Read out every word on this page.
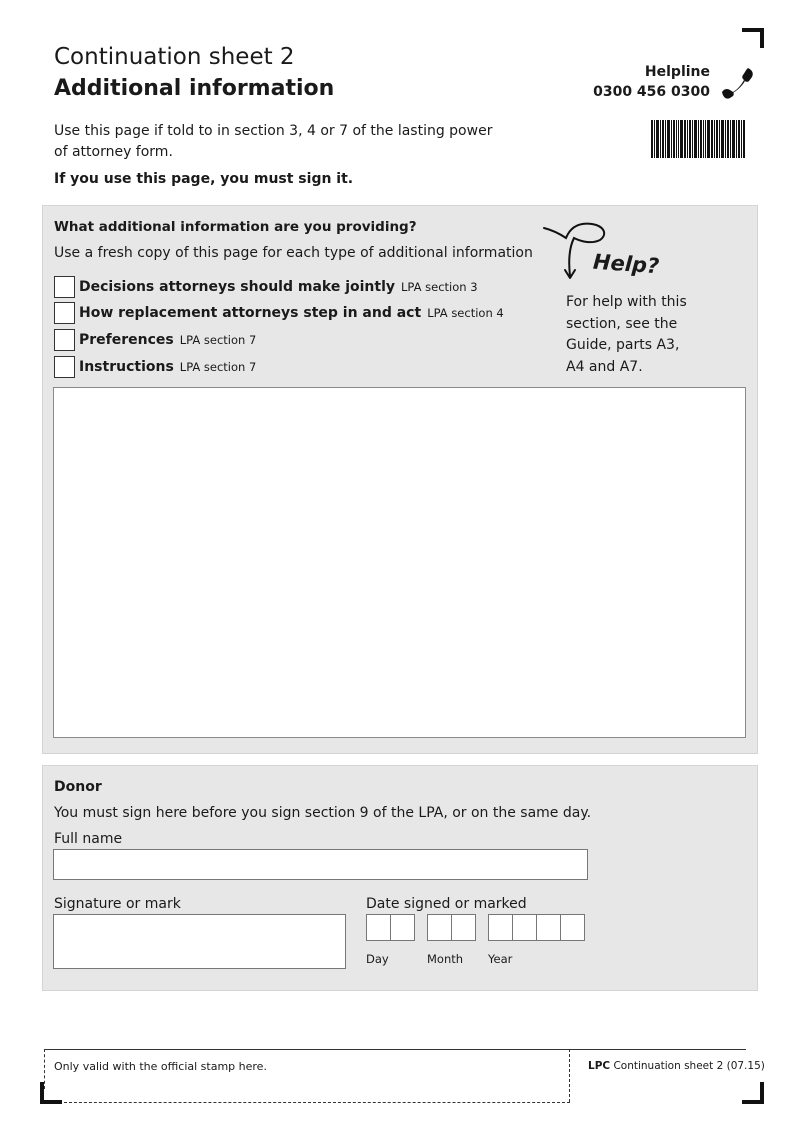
Continuation sheet 2
Additional information
Helpline
0300 456 0300
Use this page if told to in section 3, 4 or 7 of the lasting power of attorney form.
If you use this page, you must sign it.
What additional information are you providing?
Use a fresh copy of this page for each type of additional information
Decisions attorneys should make jointly LPA section 3
How replacement attorneys step in and act LPA section 4
Preferences LPA section 7
Instructions LPA section 7
Help?
For help with this section, see the Guide, parts A3, A4 and A7.
Donor
You must sign here before you sign section 9 of the LPA, or on the same day.
Full name
Signature or mark	Date signed or marked
Day	Month Year
Only valid with the official stamp here.	LPC Continuation sheet 2 (07.15)
